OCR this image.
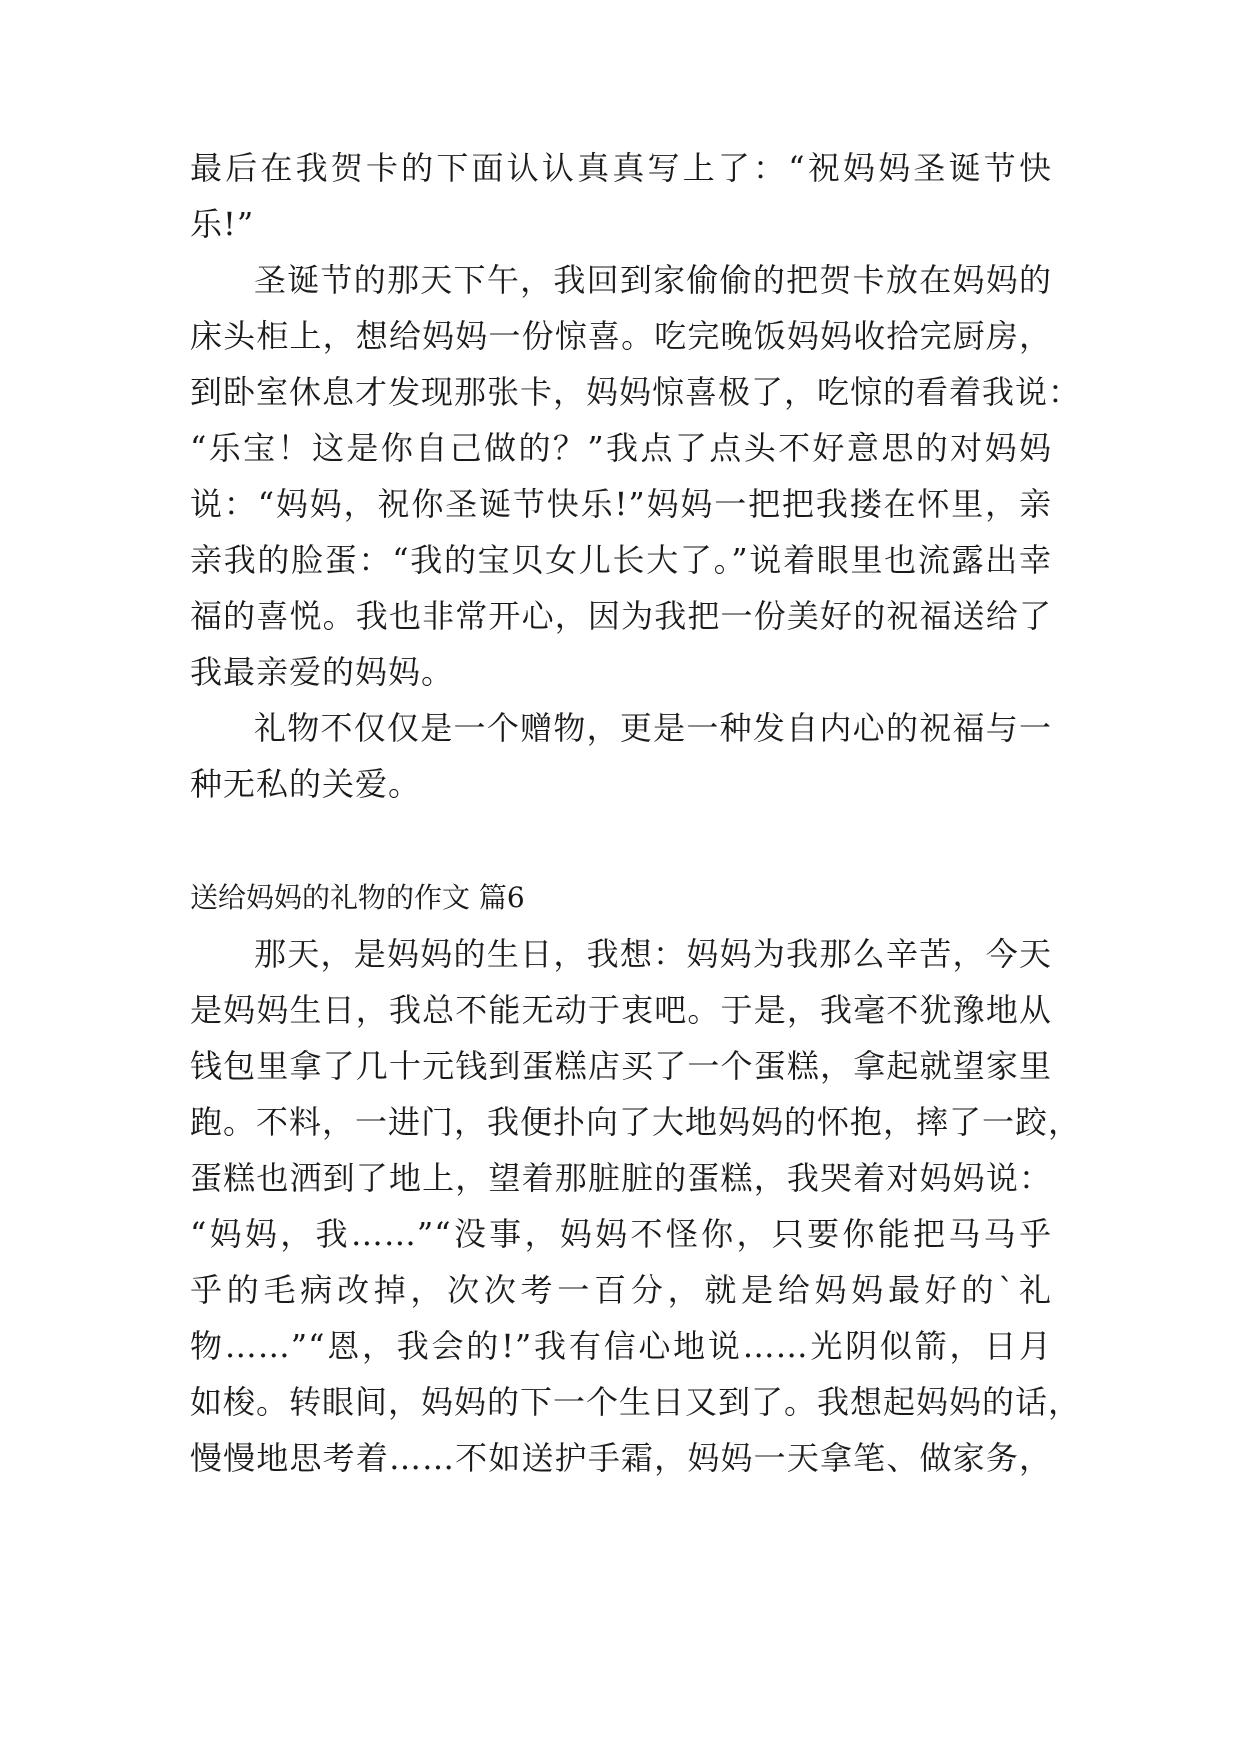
最后在我贺卡的下面认认真真写上了：“祝妈妈圣诞节快
乐!”
圣诞节的那天下午，我回到家偷偷的把贺卡放在妈妈的
床头柜上，想给妈妈一份惊喜。吃完晚饭妈妈收拾完厨房，
到卧室休息才发现那张卡，妈妈惊喜极了，吃惊的看着我说：
“乐宝！这是你自己做的？”我点了点头不好意思的对妈妈
说：“妈妈，祝你圣诞节快乐!”妈妈一把把我搂在怀里，亲
亲我的脸蛋：“我的宝贝女儿长大了。”说着眼里也流露出幸
福的喜悦。我也非常开心，因为我把一份美好的祝福送给了
我最亲爱的妈妈。
礼物不仅仅是一个赠物，更是一种发自内心的祝福与一
种无私的关爱。
送给妈妈的礼物的作文 篇6
那天，是妈妈的生日，我想：妈妈为我那么辛苦，今天
是妈妈生日，我总不能无动于衷吧。于是，我毫不犹豫地从
钱包里拿了几十元钱到蛋糕店买了一个蛋糕，拿起就望家里
跑。不料，一进门，我便扑向了大地妈妈的怀抱，摔了一跤，
蛋糕也洒到了地上，望着那脏脏的蛋糕，我哭着对妈妈说：
“妈妈，我……”“没事，妈妈不怪你，只要你能把马马乎
乎的毛病改掉，次次考一百分，就是给妈妈最好的`礼
物……”“恩，我会的!”我有信心地说……光阴似箭，日月
如梭。转眼间，妈妈的下一个生日又到了。我想起妈妈的话，
慢慢地思考着……不如送护手霜，妈妈一天拿笔、做家务，
